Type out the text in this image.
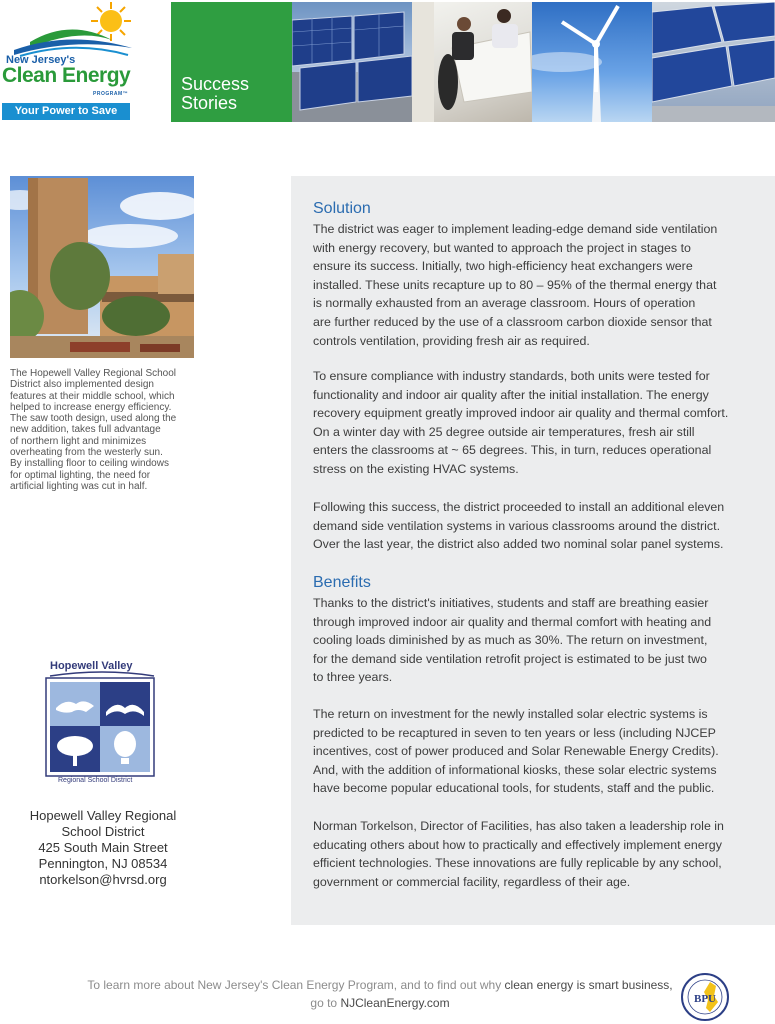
New Jersey's
Clean Energy
PROGRAM™
Your Power to Save
Success
Stories
The Hopewell Valley Regional School
District also implemented design
features at their middle school, which
helped to increase energy efficiency.
The saw tooth design, used along the
new addition, takes full advantage
of northern light and minimizes
overheating from the westerly sun.
By installing floor to ceiling windows
for optimal lighting, the need for
artificial lighting was cut in half.
Hopewell Valley
Regional School District
Hopewell Valley Regional
School District
425 South Main Street
Pennington, NJ 08534
ntorkelson@hvrsd.org
Solution
The district was eager to implement leading-edge demand side ventilation
with energy recovery, but wanted to approach the project in stages to
ensure its success. Initially, two high-efficiency heat exchangers were
installed. These units recapture up to 80 – 95% of the thermal energy that
is normally exhausted from an average classroom. Hours of operation
are further reduced by the use of a classroom carbon dioxide sensor that
controls ventilation, providing fresh air as required.
To ensure compliance with industry standards, both units were tested for
functionality and indoor air quality after the initial installation. The energy
recovery equipment greatly improved indoor air quality and thermal comfort.
On a winter day with 25 degree outside air temperatures, fresh air still
enters the classrooms at ~ 65 degrees. This, in turn, reduces operational
stress on the existing HVAC systems.
Following this success, the district proceeded to install an additional eleven
demand side ventilation systems in various classrooms around the district.
Over the last year, the district also added two nominal solar panel systems.
Benefits
Thanks to the district's initiatives, students and staff are breathing easier
through improved indoor air quality and thermal comfort with heating and
cooling loads diminished by as much as 30%. The return on investment,
for the demand side ventilation retrofit project is estimated to be just two
to three years.
The return on investment for the newly installed solar electric systems is
predicted to be recaptured in seven to ten years or less (including NJCEP
incentives, cost of power produced and Solar Renewable Energy Credits).
And, with the addition of informational kiosks, these solar electric systems
have become popular educational tools, for students, staff and the public.
Norman Torkelson, Director of Facilities, has also taken a leadership role in
educating others about how to practically and effectively implement energy
efficient technologies. These innovations are fully replicable by any school,
government or commercial facility, regardless of their age.
To learn more about New Jersey's Clean Energy Program, and to find out why clean energy is smart business,
go to NJCleanEnergy.com	BPU
